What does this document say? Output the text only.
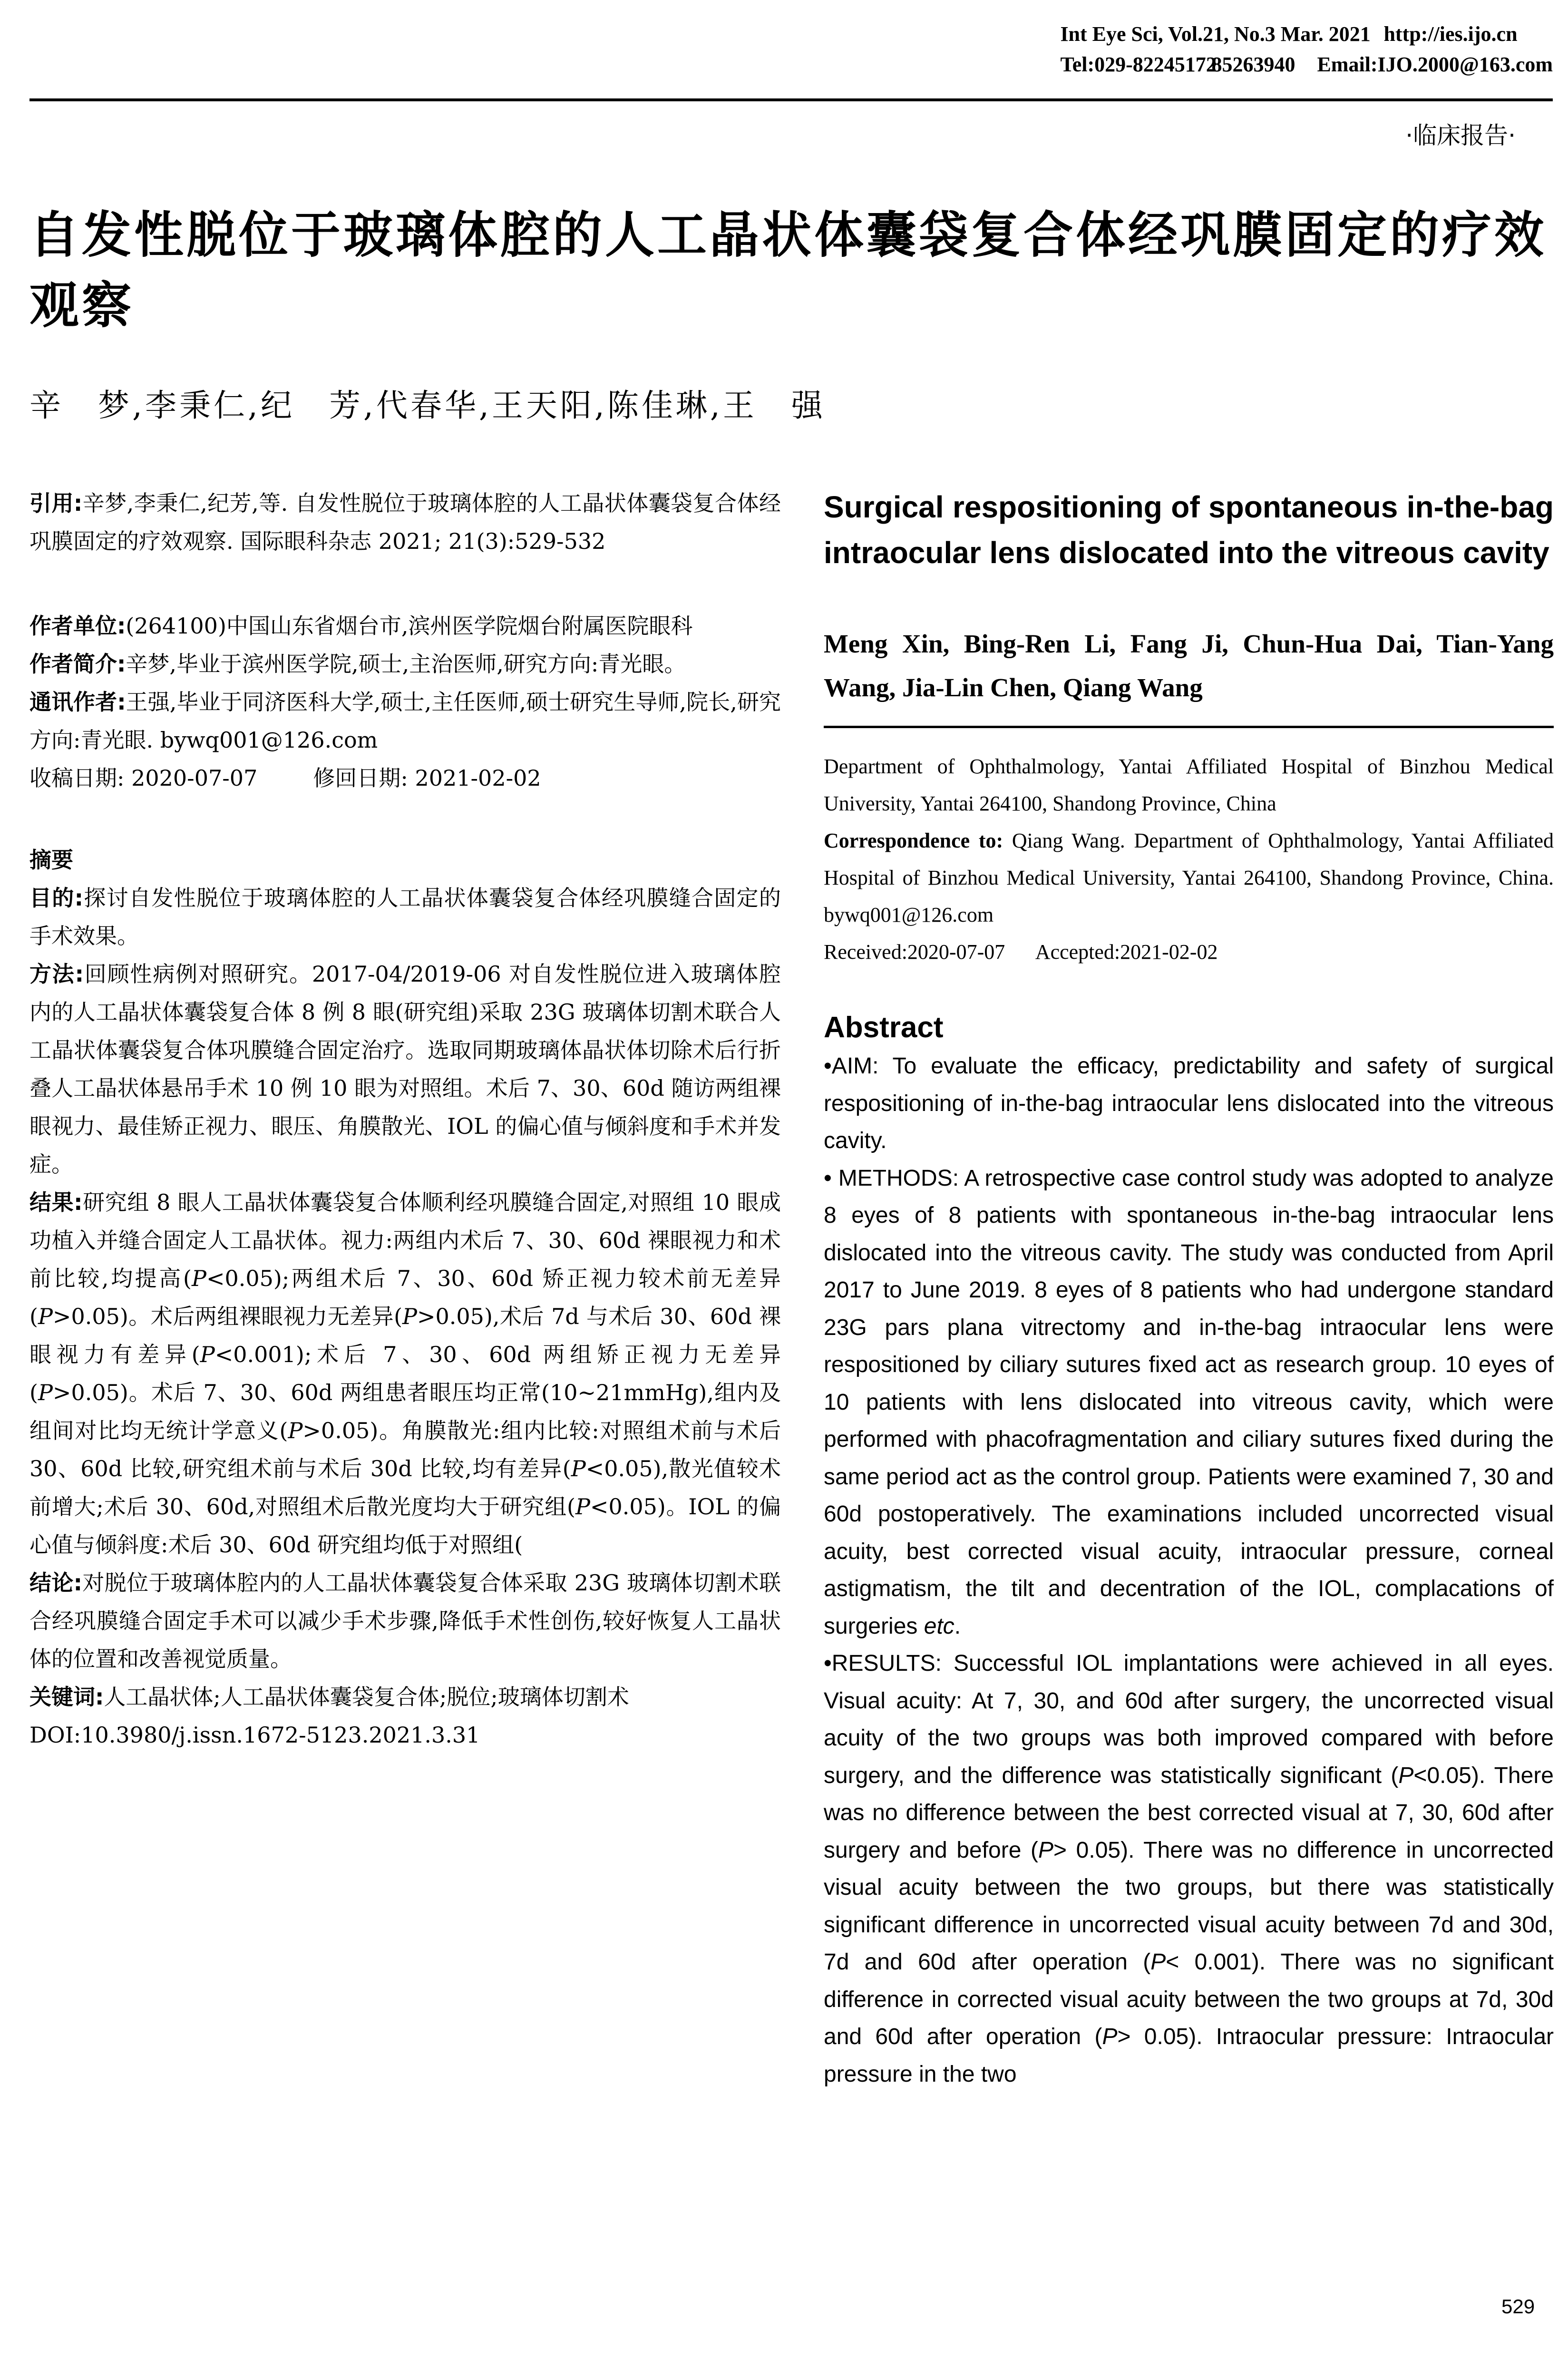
Int Eye Sci, Vol.21, No.3 Mar. 2021 http://ies.ijo.cn
Tel:029-82245172
85263940	Email:IJO.2000@163.com
·临床报告·
自发性脱位于玻璃体腔的人工晶状体囊袋复合体经巩膜固定的疗效观察
辛　梦,李秉仁,纪　芳,代春华,王天阳,陈佳琳,王　强

引用:辛梦,李秉仁,纪芳,等. 自发性脱位于玻璃体腔的人工晶状体囊袋复合体经巩膜固定的疗效观察. 国际眼科杂志 2021; 21(3):529-532

作者单位:(264100)中国山东省烟台市,滨州医学院烟台附属医院眼科

作者简介:辛梦,毕业于滨州医学院,硕士,主治医师,研究方向:青光眼。

通讯作者:王强,毕业于同济医科大学,硕士,主任医师,硕士研究生导师,院长,研究方向:青光眼. bywq001@126.com

收稿日期: 2020-07-07	修回日期: 2021-02-02

摘要

目的:探讨自发性脱位于玻璃体腔的人工晶状体囊袋复合体经巩膜缝合固定的手术效果。

方法:回顾性病例对照研究。2017-04/2019-06 对自发性脱位进入玻璃体腔内的人工晶状体囊袋复合体 8 例 8 眼(研究组)采取 23G 玻璃体切割术联合人工晶状体囊袋复合体巩膜缝合固定治疗。选取同期玻璃体晶状体切除术后行折叠人工晶状体悬吊手术 10 例 10 眼为对照组。术后 7、30、60d 随访两组裸眼视力、最佳矫正视力、眼压、角膜散光、IOL 的偏心值与倾斜度和手术并发症。

结果:研究组 8 眼人工晶状体囊袋复合体顺利经巩膜缝合固定,对照组 10 眼成功植入并缝合固定人工晶状体。视力:两组内术后 7、30、60d 裸眼视力和术前比较,均提高(P<0.05);两组术后 7、30、60d 矫正视力较术前无差异(P>0.05)。术后两组裸眼视力无差异(P>0.05),术后 7d 与术后 30、60d 裸眼视力有差异(P<0.001);术后 7、30、60d 两组矫正视力无差异(P>0.05)。术后 7、30、60d 两组患者眼压均正常(10~21mmHg),组内及组间对比均无统计学意义(P>0.05)。角膜散光:组内比较:对照组术前与术后 30、60d 比较,研究组术前与术后 30d 比较,均有差异(P<0.05),散光值较术前增大;术后 30、60d,对照组术后散光度均大于研究组(P<0.05)。IOL 的偏心值与倾斜度:术后 30、60d 研究组均低于对照组(

结论:对脱位于玻璃体腔内的人工晶状体囊袋复合体采取 23G 玻璃体切割术联合经巩膜缝合固定手术可以减少手术步骤,降低手术性创伤,较好恢复人工晶状体的位置和改善视觉质量。

关键词:人工晶状体;人工晶状体囊袋复合体;脱位;玻璃体切割术

DOI:10.3980/j.issn.1672-5123.2021.3.31

Surgical respositioning of spontaneous in-the-bag intraocular lens dislocated into the vitreous cavity
Meng Xin, Bing-Ren Li, Fang Ji, Chun-Hua Dai, Tian-Yang Wang, Jia-Lin Chen, Qiang Wang

Department of Ophthalmology, Yantai Affiliated Hospital of Binzhou Medical University, Yantai 264100, Shandong Province, China

Correspondence to: Qiang Wang. Department of Ophthalmology, Yantai Affiliated Hospital of Binzhou Medical University, Yantai 264100, Shandong Province, China. bywq001@126.com

Received:2020-07-07 Accepted:2021-02-02

Abstract

•AIM: To evaluate the efficacy, predictability and safety of surgical respositioning of in-the-bag intraocular lens dislocated into the vitreous cavity.

• METHODS: A retrospective case control study was adopted to analyze 8 eyes of 8 patients with spontaneous in-the-bag intraocular lens dislocated into the vitreous cavity. The study was conducted from April 2017 to June 2019. 8 eyes of 8 patients who had undergone standard 23G pars plana vitrectomy and in-the-bag intraocular lens were respositioned by ciliary sutures fixed act as research group. 10 eyes of 10 patients with lens dislocated into vitreous cavity, which were performed with phacofragmentation and ciliary sutures fixed during the same period act as the control group. Patients were examined 7, 30 and 60d postoperatively. The examinations included uncorrected visual acuity, best corrected visual acuity, intraocular pressure, corneal astigmatism, the tilt and decentration of the IOL, complacations of surgeries etc.

•RESULTS: Successful IOL implantations were achieved in all eyes. Visual acuity: At 7, 30, and 60d after surgery, the uncorrected visual acuity of the two groups was both improved compared with before surgery, and the difference was statistically significant (P<0.05). There was no difference between the best corrected visual at 7, 30, 60d after surgery and before (P> 0.05). There was no difference in uncorrected visual acuity between the two groups, but there was statistically significant difference in uncorrected visual acuity between 7d and 30d, 7d and 60d after operation (P< 0.001). There was no significant difference in corrected visual acuity between the two groups at 7d, 30d and 60d after operation (P> 0.05). Intraocular pressure: Intraocular pressure in the two

529
